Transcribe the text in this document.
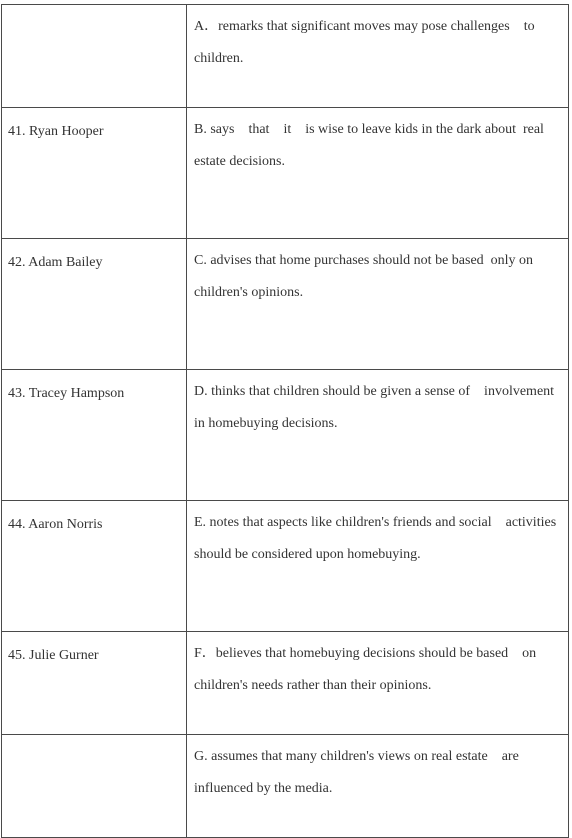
	A．remarks that significant moves may pose challenges    to children.
41. Ryan Hooper	B. says    that    it    is wise to leave kids in the dark about  real estate decisions.
42. Adam Bailey	C. advises that home purchases should not be based  only on children's opinions.
43. Tracey Hampson	D. thinks that children should be given a sense of    involvement in homebuying decisions.
44. Aaron Norris	E. notes that aspects like children's friends and social    activities should be considered upon homebuying.
45. Julie Gurner	F．believes that homebuying decisions should be based    on children's needs rather than their opinions.
	G. assumes that many children's views on real estate    are influenced by the media.
